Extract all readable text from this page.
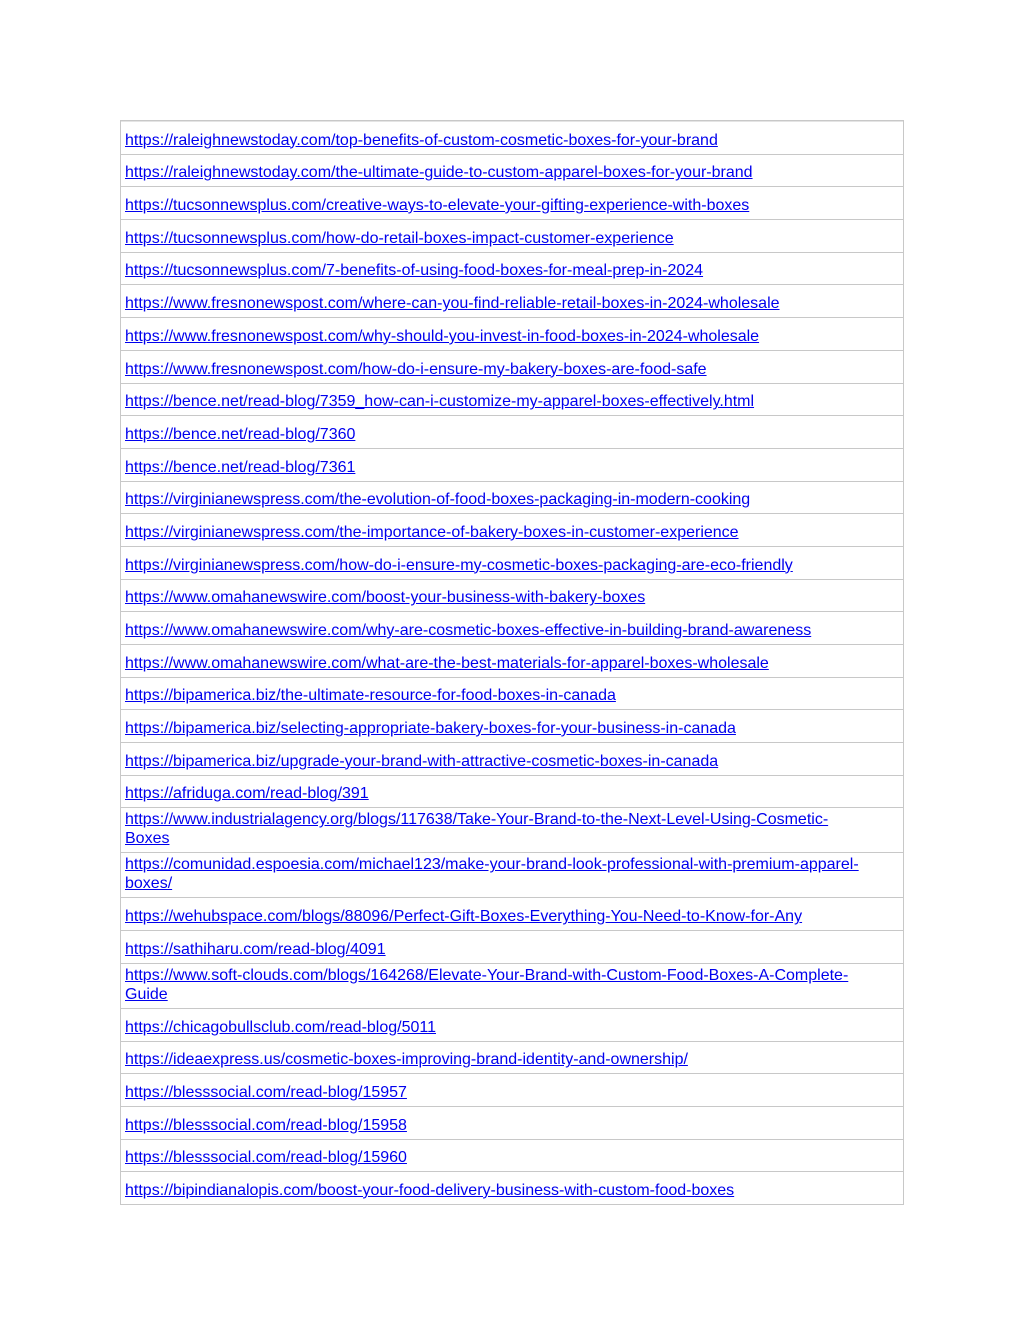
https://raleighnewstoday.com/top-benefits-of-custom-cosmetic-boxes-for-your-brand
https://raleighnewstoday.com/the-ultimate-guide-to-custom-apparel-boxes-for-your-brand
https://tucsonnewsplus.com/creative-ways-to-elevate-your-gifting-experience-with-boxes
https://tucsonnewsplus.com/how-do-retail-boxes-impact-customer-experience
https://tucsonnewsplus.com/7-benefits-of-using-food-boxes-for-meal-prep-in-2024
https://www.fresnonewspost.com/where-can-you-find-reliable-retail-boxes-in-2024-wholesale
https://www.fresnonewspost.com/why-should-you-invest-in-food-boxes-in-2024-wholesale
https://www.fresnonewspost.com/how-do-i-ensure-my-bakery-boxes-are-food-safe
https://bence.net/read-blog/7359_how-can-i-customize-my-apparel-boxes-effectively.html
https://bence.net/read-blog/7360
https://bence.net/read-blog/7361
https://virginianewspress.com/the-evolution-of-food-boxes-packaging-in-modern-cooking
https://virginianewspress.com/the-importance-of-bakery-boxes-in-customer-experience
https://virginianewspress.com/how-do-i-ensure-my-cosmetic-boxes-packaging-are-eco-friendly
https://www.omahanewswire.com/boost-your-business-with-bakery-boxes
https://www.omahanewswire.com/why-are-cosmetic-boxes-effective-in-building-brand-awareness
https://www.omahanewswire.com/what-are-the-best-materials-for-apparel-boxes-wholesale
https://bipamerica.biz/the-ultimate-resource-for-food-boxes-in-canada
https://bipamerica.biz/selecting-appropriate-bakery-boxes-for-your-business-in-canada
https://bipamerica.biz/upgrade-your-brand-with-attractive-cosmetic-boxes-in-canada
https://afriduga.com/read-blog/391
https://www.industrialagency.org/blogs/117638/Take-Your-Brand-to-the-Next-Level-Using-Cosmetic-
Boxes
https://comunidad.espoesia.com/michael123/make-your-brand-look-professional-with-premium-apparel-
boxes/
https://wehubspace.com/blogs/88096/Perfect-Gift-Boxes-Everything-You-Need-to-Know-for-Any
https://sathiharu.com/read-blog/4091
https://www.soft-clouds.com/blogs/164268/Elevate-Your-Brand-with-Custom-Food-Boxes-A-Complete-
Guide
https://chicagobullsclub.com/read-blog/5011
https://ideaexpress.us/cosmetic-boxes-improving-brand-identity-and-ownership/
https://blesssocial.com/read-blog/15957
https://blesssocial.com/read-blog/15958
https://blesssocial.com/read-blog/15960
https://bipindianalopis.com/boost-your-food-delivery-business-with-custom-food-boxes
